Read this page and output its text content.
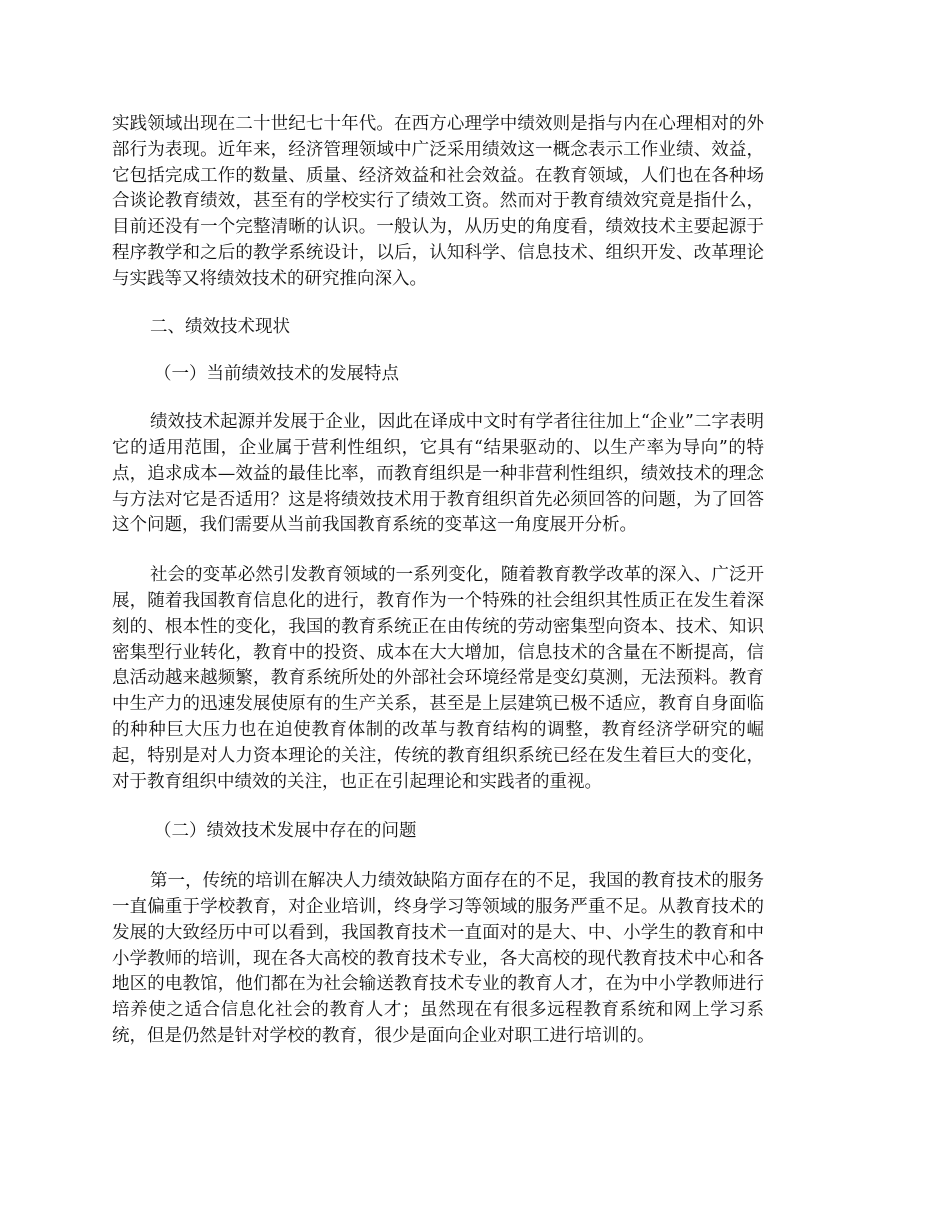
实践领域出现在二十世纪七十年代。在西方心理学中绩效则是指与内在心理相对的外部行为表现。近年来，经济管理领域中广泛采用绩效这一概念表示工作业绩、效益，它包括完成工作的数量、质量、经济效益和社会效益。在教育领域，人们也在各种场合谈论教育绩效，甚至有的学校实行了绩效工资。然而对于教育绩效究竟是指什么，目前还没有一个完整清晰的认识。一般认为，从历史的角度看，绩效技术主要起源于程序教学和之后的教学系统设计，以后，认知科学、信息技术、组织开发、改革理论与实践等又将绩效技术的研究推向深入。

二、绩效技术现状

（一）当前绩效技术的发展特点

绩效技术起源并发展于企业，因此在译成中文时有学者往往加上“企业”二字表明它的适用范围，企业属于营利性组织，它具有“结果驱动的、以生产率为导向”的特点，追求成本—效益的最佳比率，而教育组织是一种非营利性组织，绩效技术的理念与方法对它是否适用？这是将绩效技术用于教育组织首先必须回答的问题，为了回答这个问题，我们需要从当前我国教育系统的变革这一角度展开分析。

社会的变革必然引发教育领域的一系列变化，随着教育教学改革的深入、广泛开展，随着我国教育信息化的进行，教育作为一个特殊的社会组织其性质正在发生着深刻的、根本性的变化，我国的教育系统正在由传统的劳动密集型向资本、技术、知识密集型行业转化，教育中的投资、成本在大大增加，信息技术的含量在不断提高，信息活动越来越频繁，教育系统所处的外部社会环境经常是变幻莫测，无法预料。教育中生产力的迅速发展使原有的生产关系，甚至是上层建筑已极不适应，教育自身面临的种种巨大压力也在迫使教育体制的改革与教育结构的调整，教育经济学研究的崛起，特别是对人力资本理论的关注，传统的教育组织系统已经在发生着巨大的变化，对于教育组织中绩效的关注，也正在引起理论和实践者的重视。

（二）绩效技术发展中存在的问题

第一，传统的培训在解决人力绩效缺陷方面存在的不足，我国的教育技术的服务一直偏重于学校教育，对企业培训，终身学习等领域的服务严重不足。从教育技术的发展的大致经历中可以看到，我国教育技术一直面对的是大、中、小学生的教育和中小学教师的培训，现在各大高校的教育技术专业，各大高校的现代教育技术中心和各地区的电教馆，他们都在为社会输送教育技术专业的教育人才，在为中小学教师进行培养使之适合信息化社会的教育人才；虽然现在有很多远程教育系统和网上学习系统，但是仍然是针对学校的教育，很少是面向企业对职工进行培训的。
